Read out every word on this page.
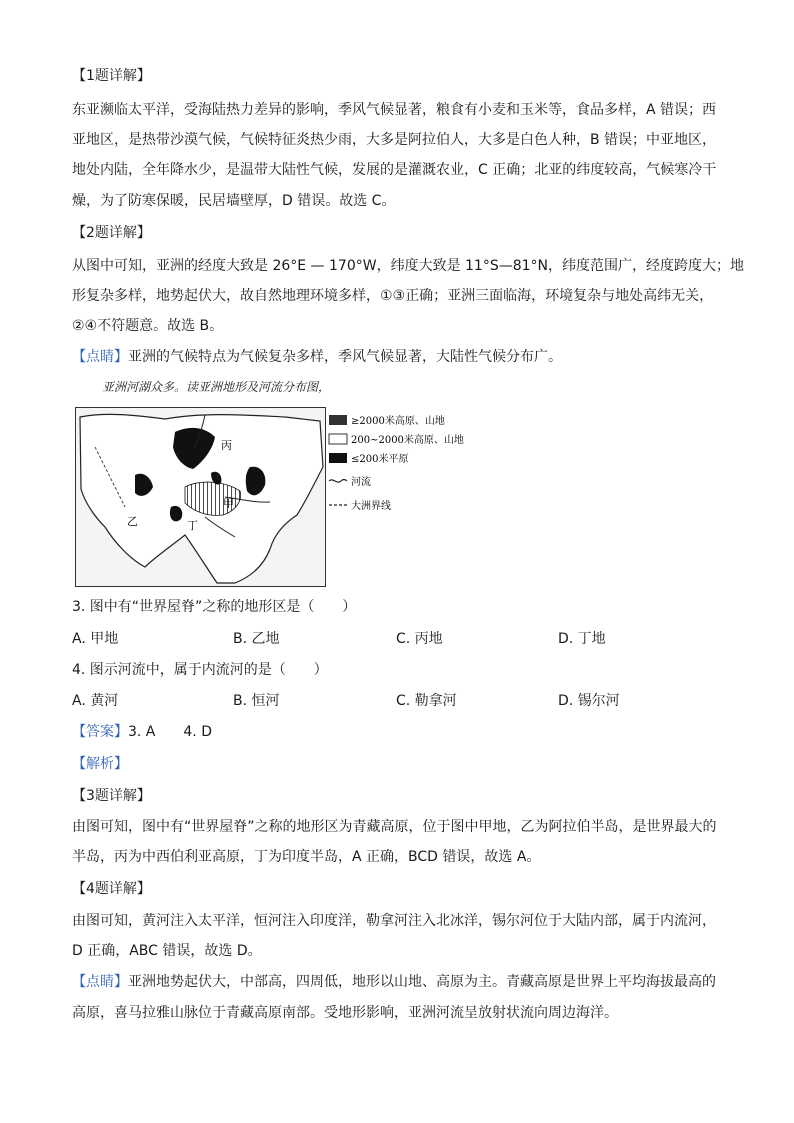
【1题详解】
东亚濒临太平洋，受海陆热力差异的影响，季风气候显著，粮食有小麦和玉米等，食品多样，A 错误；西
亚地区，是热带沙漠气候，气候特征炎热少雨，大多是阿拉伯人，大多是白色人种，B 错误；中亚地区，
地处内陆，全年降水少，是温带大陆性气候，发展的是灌溉农业，C 正确；北亚的纬度较高，气候寒冷干
燥，为了防寒保暖，民居墙壁厚，D 错误。故选 C。
【2题详解】
从图中可知，亚洲的经度大致是 26°E — 170°W，纬度大致是 11°S—81°N，纬度范围广，经度跨度大；地
形复杂多样，地势起伏大，故自然地理环境多样，①③正确；亚洲三面临海，环境复杂与地处高纬无关，
②④不符题意。故选 B。
【点睛】亚洲的气候特点为气候复杂多样，季风气候显著，大陆性气候分布广。
亚洲河湖众多。读亚洲地形及河流分布图，
甲
乙
丙
丁
≥2000米高原、山地
200~2000米高原、山地
≤200米平原
河流
大洲界线
3. 图中有“世界屋脊”之称的地形区是（　　）
A. 甲地	B. 乙地	C. 丙地	D. 丁地
4. 图示河流中，属于内流河的是（　　）
A. 黄河	B. 恒河	C. 勒拿河	D. 锡尔河
【答案】3. A　　4. D
【解析】
【3题详解】
由图可知，图中有“世界屋脊”之称的地形区为青藏高原，位于图中甲地，乙为阿拉伯半岛，是世界最大的
半岛，丙为中西伯利亚高原，丁为印度半岛，A 正确，BCD 错误，故选 A。
【4题详解】
由图可知，黄河注入太平洋，恒河注入印度洋，勒拿河注入北冰洋，锡尔河位于大陆内部，属于内流河，
D 正确，ABC 错误，故选 D。
【点睛】亚洲地势起伏大，中部高，四周低，地形以山地、高原为主。青藏高原是世界上平均海拔最高的
高原，喜马拉雅山脉位于青藏高原南部。受地形影响，亚洲河流呈放射状流向周边海洋。
